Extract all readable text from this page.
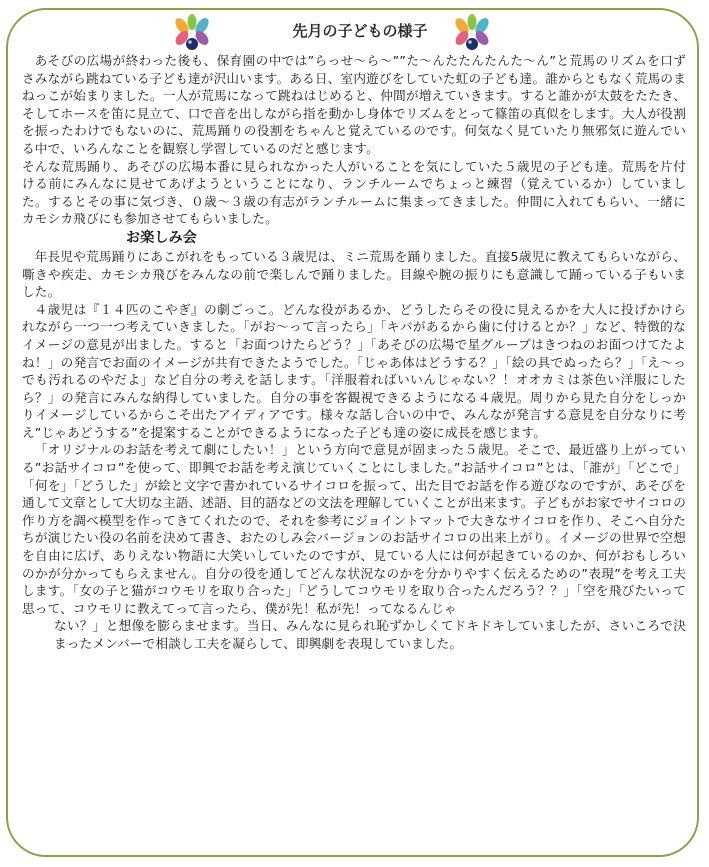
先月の子どもの様子

あそびの広場が終わった後も、保育園の中では”らっせ～ら～””た～んたたんたんた～ん”と荒馬のリズムを口ずさみながら跳ねている子ども達が沢山います。ある日、室内遊びをしていた虹の子ども達。誰からともなく荒馬のまねっこが始まりました。一人が荒馬になって跳ねはじめると、仲間が増えていきます。すると誰かが太鼓をたたき、そしてホースを笛に見立て、口で音を出しながら指を動かし身体でリズムをとって篠笛の真似をします。大人が役割を振ったわけでもないのに、荒馬踊りの役割をちゃんと覚えているのです。何気なく見ていたり無邪気に遊んでいる中で、いろんなことを観察し学習しているのだと感じます。

そんな荒馬踊り、あそびの広場本番に見られなかった人がいることを気にしていた５歳児の子ども達。荒馬を片付ける前にみんなに見せてあげようということになり、ランチルームでちょっと練習（覚えているか）していました。するとその事に気づき、０歳～３歳の有志がランチルームに集まってきました。仲間に入れてもらい、一緒にカモシカ飛びにも参加させてもらいました。

お楽しみ会

年長児や荒馬踊りにあこがれをもっている３歳児は、ミニ荒馬を踊りました。直接5歳児に教えてもらいながら、嘶きや疾走、カモシカ飛びをみんなの前で楽しんで踊りました。目線や腕の振りにも意識して踊っている子もいました。

４歳児は『１４匹のこやぎ』の劇ごっこ。どんな役があるか、どうしたらその役に見えるかを大人に投げかけられながら一つ一つ考えていきました。「がお～って言ったら」「キバがあるから歯に付けるとか？」など、特徴的なイメージの意見が出ました。すると「お面つけたらどう？」「あそびの広場で星グループはきつねのお面つけてたよね！」の発言でお面のイメージが共有できたようでした。「じゃあ体はどうする？」「絵の具でぬったら？」「え～っでも汚れるのやだよ」など自分の考えを話します。「洋服着ればいいんじゃない？！オオカミは茶色い洋服にしたら？」の発言にみんな納得していました。自分の事を客観視できるようになる４歳児。周りから見た自分をしっかりイメージしているからこそ出たアイディアです。様々な話し合いの中で、みんなが発言する意見を自分なりに考え”じゃあどうする”を提案することができるようになった子ども達の姿に成長を感じます。

「オリジナルのお話を考えて劇にしたい！」という方向で意見が固まった５歳児。そこで、最近盛り上がっている”お話サイコロ”を使って、即興でお話を考え演じていくことにしました。”お話サイコロ”とは、「誰が」「どこで」「何を」「どうした」が絵と文字で書かれているサイコロを振って、出た目でお話を作る遊びなのですが、あそびを通して文章として大切な主語、述語、目的語などの文法を理解していくことが出来ます。子どもがお家でサイコロの作り方を調べ模型を作ってきてくれたので、それを参考にジョイントマットで大きなサイコロを作り、そこへ自分たちが演じたい役の名前を決めて書き、おたのしみ会バージョンのお話サイコロの出来上がり。イメージの世界で空想を自由に広げ、ありえない物語に大笑いしていたのですが、見ている人には何が起きているのか、何がおもしろいのかが分かってもらえません。自分の役を通してどんな状況なのかを分かりやすく伝えるための”表現”を考え工夫します。「女の子と猫がコウモリを取り合った」「どうしてコウモリを取り合ったんだろう？？」「空を飛びたいって思って、コウモリに教えてって言ったら、僕が先！私が先！ってなるんじゃ

ない？」と想像を膨らませます。当日、みんなに見られ恥ずかしくてドキドキしていましたが、さいころで決まったメンバーで相談し工夫を凝らして、即興劇を表現していました。
